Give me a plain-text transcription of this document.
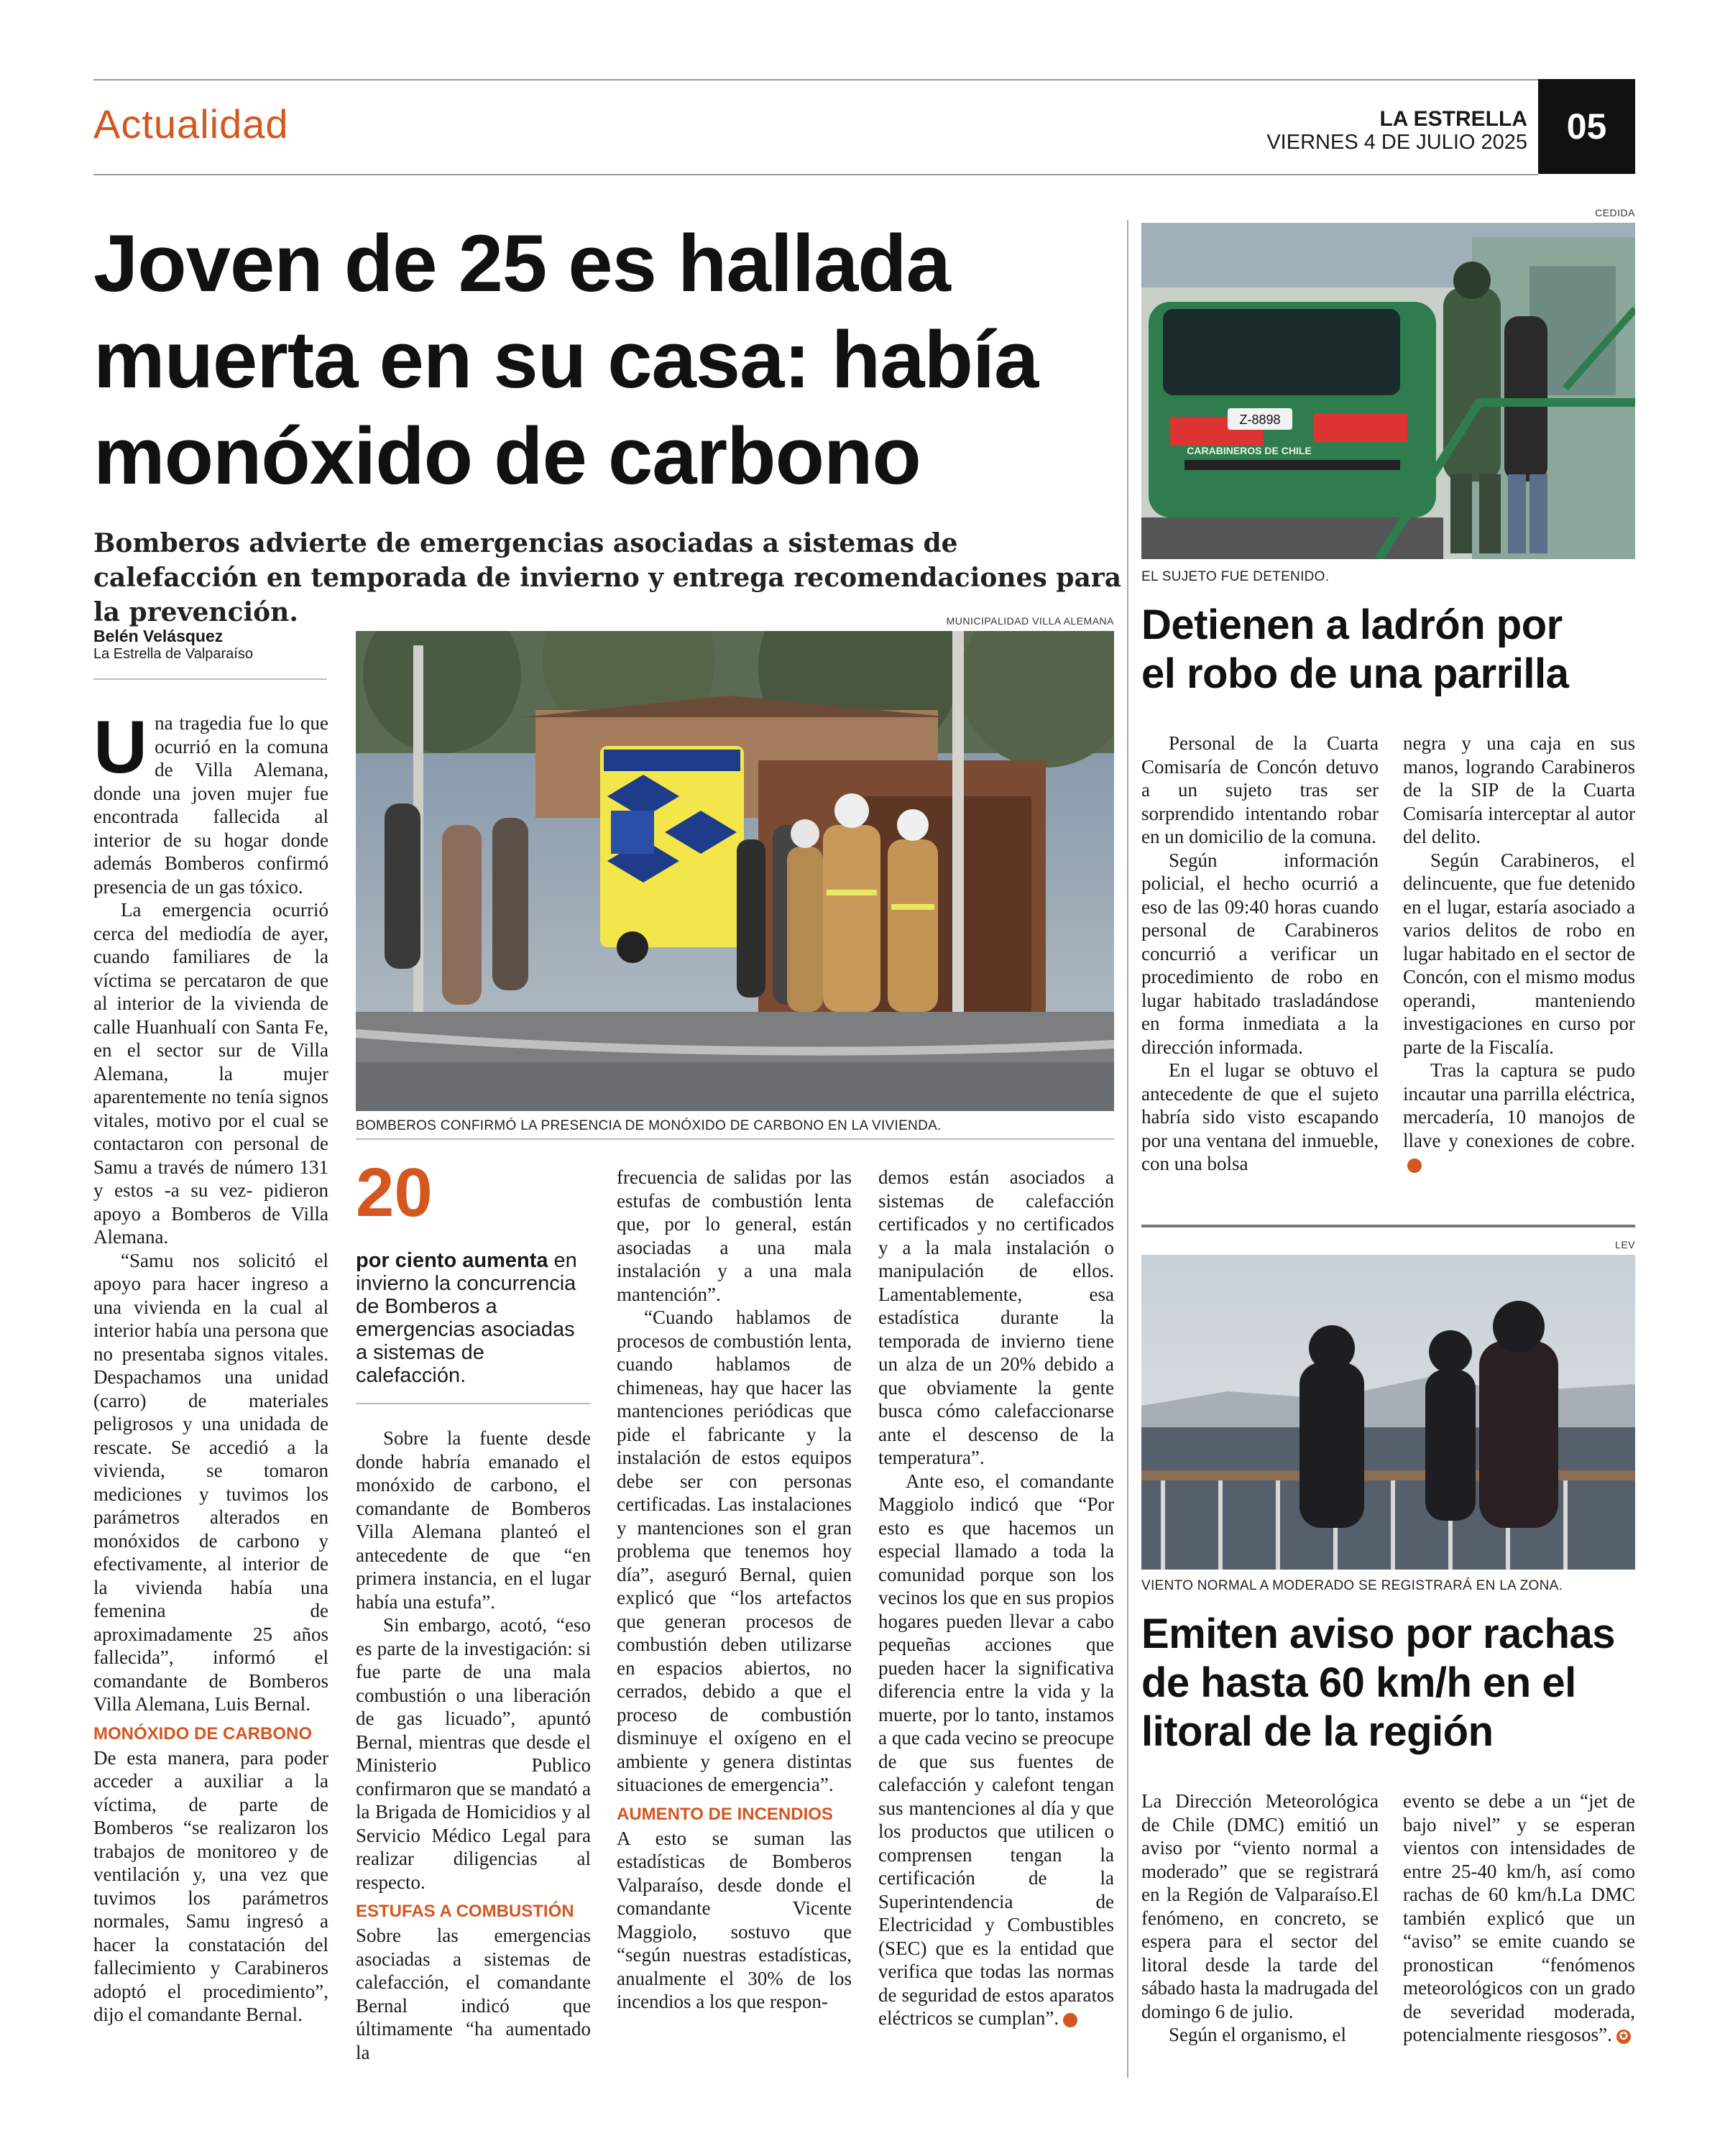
Actualidad	LA ESTRELLA
VIERNES 4 DE JULIO 2025	05
Joven de 25 es hallada
muerta en su casa: había
monóxido de carbono
Bomberos advierte de emergencias asociadas a sistemas de calefacción en temporada de invierno y entrega recomendaciones para la prevención.
Belén Velásquez
La Estrella de Valparaíso
MUNICIPALIDAD VILLA ALEMANA
BOMBEROS CONFIRMÓ LA PRESENCIA DE MONÓXIDO DE CARBONO EN LA VIVIENDA.

Una tragedia fue lo que ocurrió en la comuna de Villa Alemana, donde una joven mujer fue encontrada fallecida al interior de su hogar donde además Bomberos confirmó presencia de un gas tóxico.

La emergencia ocurrió cerca del mediodía de ayer, cuando familiares de la víctima se percataron de que al interior de la vivienda de calle Huanhualí con Santa Fe, en el sector sur de Villa Alemana, la mujer aparentemente no tenía signos vitales, motivo por el cual se contactaron con personal de Samu a través de número 131 y estos -a su vez- pidieron apoyo a Bomberos de Villa Alemana.

“Samu nos solicitó el apoyo para hacer ingreso a una vivienda en la cual al interior había una persona que no presentaba signos vitales. Despachamos una unidad (carro) de materiales peligrosos y una unidada de rescate. Se accedió a la vivienda, se tomaron mediciones y tuvimos los parámetros alterados en monóxidos de carbono y efectivamente, al interior de la vivienda había una femenina de aproximadamente 25 años fallecida”, informó el comandante de Bomberos Villa Alemana, Luis Bernal.

MONÓXIDO DE CARBONO

De esta manera, para poder acceder a auxiliar a la víctima, de parte de Bomberos “se realizaron los trabajos de monitoreo y de ventilación y, una vez que tuvimos los parámetros normales, Samu ingresó a hacer la constatación del fallecimiento y Carabineros adoptó el procedimiento”, dijo el comandante Bernal.

20
por ciento aumenta en invierno la concurrencia de Bomberos a emergencias asociadas a sistemas de calefacción.

Sobre la fuente desde donde habría emanado el monóxido de carbono, el comandante de Bomberos Villa Alemana planteó el antecedente de que “en primera instancia, en el lugar había una estufa”.

Sin embargo, acotó, “eso es parte de la investigación: si fue parte de una mala combustión o una liberación de gas licuado”, apuntó Bernal, mientras que desde el Ministerio Publico confirmaron que se mandató a la Brigada de Homicidios y al Servicio Médico Legal para realizar diligencias al respecto.

ESTUFAS A COMBUSTIÓN

Sobre las emergencias asociadas a sistemas de calefacción, el comandante Bernal indicó que últimamente “ha aumentado la

frecuencia de salidas por las estufas de combustión lenta que, por lo general, están asociadas a una mala instalación y a una mala mantención”.

“Cuando hablamos de procesos de combustión lenta, cuando hablamos de chimeneas, hay que hacer las mantenciones periódicas que pide el fabricante y la instalación de estos equipos debe ser con personas certificadas. Las instalaciones y mantenciones son el gran problema que tenemos hoy día”, aseguró Bernal, quien explicó que “los artefactos que generan procesos de combustión deben utilizarse en espacios abiertos, no cerrados, debido a que el proceso de combustión disminuye el oxígeno en el ambiente y genera distintas situaciones de emergencia”.

AUMENTO DE INCENDIOS

A esto se suman las estadísticas de Bomberos Valparaíso, desde donde el comandante Vicente Maggiolo, sostuvo que “según nuestras estadísticas, anualmente el 30% de los incendios a los que respon-

demos están asociados a sistemas de calefacción certificados y no certificados y a la mala instalación o manipulación de ellos. Lamentablemente, esa estadística durante la temporada de invierno tiene un alza de un 20% debido a que obviamente la gente busca cómo calefaccionarse ante el descenso de la temperatura”.

Ante eso, el comandante Maggiolo indicó que “Por esto es que hacemos un especial llamado a toda la comunidad porque son los vecinos los que en sus propios hogares pueden llevar a cabo pequeñas acciones que pueden hacer la significativa diferencia entre la vida y la muerte, por lo tanto, instamos a que cada vecino se preocupe de que sus fuentes de calefacción y calefont tengan sus mantenciones al día y que los productos que utilicen o comprensen tengan la certificación de la Superintendencia de Electricidad y Combustibles (SEC) que es la entidad que verifica que todas las normas de seguridad de estos aparatos eléctricos se cumplan”.	✪

CEDIDA
Z-8898
CARABINEROS DE CHILE
EL SUJETO FUE DETENIDO.
Detienen a ladrón por
el robo de una parrilla

Personal de la Cuarta Comisaría de Concón detuvo a un sujeto tras ser sorprendido intentando robar en un domicilio de la comuna.

Según información policial, el hecho ocurrió a eso de las 09:40 horas cuando personal de Carabineros concurrió a verificar un procedimiento de robo en lugar habitado trasladándose en forma inmediata a la dirección informada.

En el lugar se obtuvo el antecedente de que el sujeto habría sido visto escapando por una ventana del inmueble, con una bolsa

negra y una caja en sus manos, logrando Carabineros de la SIP de la Cuarta Comisaría interceptar al autor del delito.

Según Carabineros, el delincuente, que fue detenido en el lugar, estaría asociado a varios delitos de robo en lugar habitado en el sector de Concón, con el mismo modus operandi, manteniendo investigaciones en curso por parte de la Fiscalía.

Tras la captura se pudo incautar una parrilla eléctrica, mercadería, 10 manojos de llave y conexiones de cobre.✪

LEV
VIENTO NORMAL A MODERADO SE REGISTRARÁ EN LA ZONA.
Emiten aviso por rachas
de hasta 60 km/h en el
litoral de la región

La Dirección Meteorológica de Chile (DMC) emitió un aviso por “viento normal a moderado” que se registrará en la Región de Valparaíso.El fenómeno, en concreto, se espera para el sector del litoral desde la tarde del sábado hasta la madrugada del domingo 6 de julio.

Según el organismo, el

evento se debe a un “jet de bajo nivel” y se esperan vientos con intensidades de entre 25-40 km/h, así como rachas de 60 km/h.La DMC también explicó que un “aviso” se emite cuando se pronostican “fenómenos meteorológicos con un grado de severidad moderada, potencialmente riesgosos”. ✪
